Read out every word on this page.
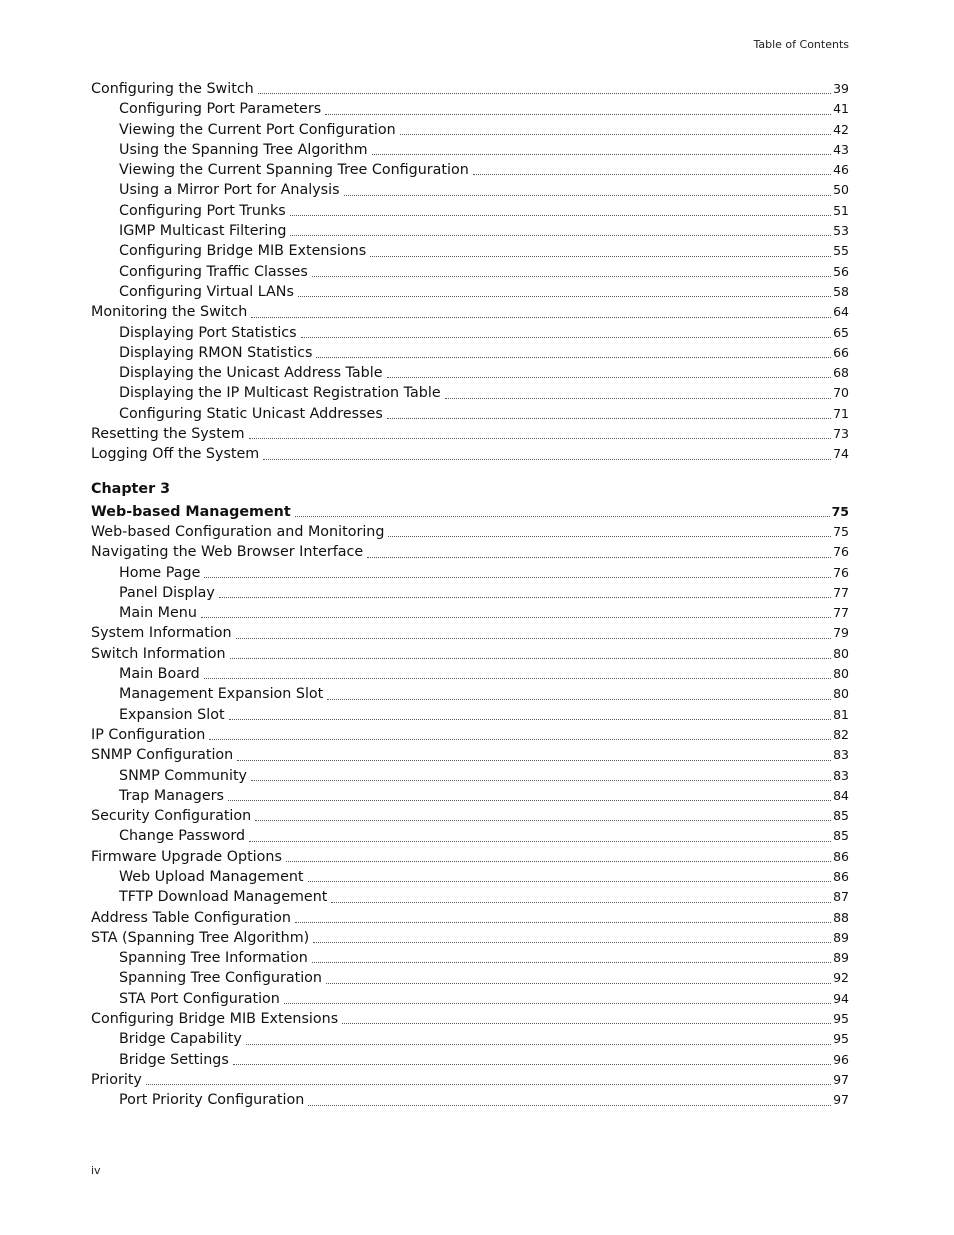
Table of Contents
Configuring the Switch	39
Configuring Port Parameters	41
Viewing the Current Port Configuration	42
Using the Spanning Tree Algorithm	43
Viewing the Current Spanning Tree Configuration	46
Using a Mirror Port for Analysis	50
Configuring Port Trunks	51
IGMP Multicast Filtering	53
Configuring Bridge MIB Extensions	55
Configuring Traffic Classes	56
Configuring Virtual LANs	58
Monitoring the Switch	64
Displaying Port Statistics	65
Displaying RMON Statistics	66
Displaying the Unicast Address Table	68
Displaying the IP Multicast Registration Table	70
Configuring Static Unicast Addresses	71
Resetting the System	73
Logging Off the System	74
Chapter 3
Web-based Management	75
Web-based Configuration and Monitoring	75
Navigating the Web Browser Interface	76
Home Page	76
Panel Display	77
Main Menu	77
System Information	79
Switch Information	80
Main Board	80
Management Expansion Slot	80
Expansion Slot	81
IP Configuration	82
SNMP Configuration	83
SNMP Community	83
Trap Managers	84
Security Configuration	85
Change Password	85
Firmware Upgrade Options	86
Web Upload Management	86
TFTP Download Management	87
Address Table Configuration	88
STA (Spanning Tree Algorithm)	89
Spanning Tree Information	89
Spanning Tree Configuration	92
STA Port Configuration	94
Configuring Bridge MIB Extensions	95
Bridge Capability	95
Bridge Settings	96
Priority	97
Port Priority Configuration	97
iv
